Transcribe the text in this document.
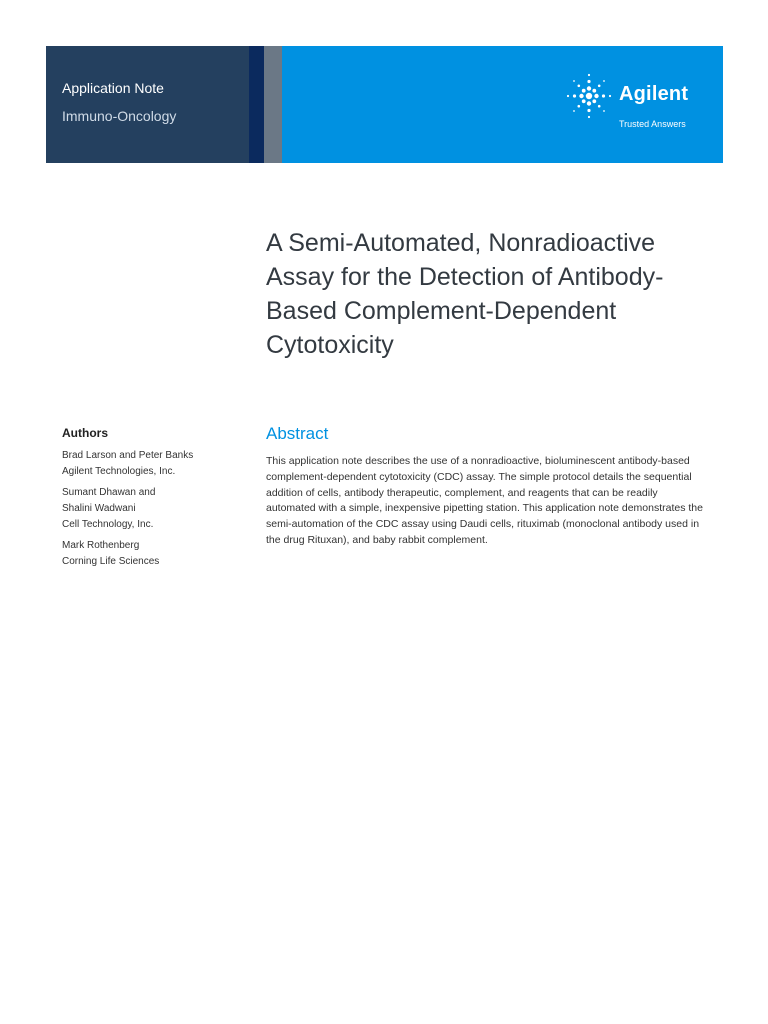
Application Note
Immuno-Oncology
Agilent
Trusted Answers
A Semi-Automated, Nonradioactive Assay for the Detection of Antibody-Based Complement-Dependent Cytotoxicity
Authors
Brad Larson and Peter Banks
Agilent Technologies, Inc.
Sumant Dhawan and
Shalini Wadwani
Cell Technology, Inc.
Mark Rothenberg
Corning Life Sciences
Abstract

This application note describes the use of a nonradioactive, bioluminescent antibody-based complement-dependent cytotoxicity (CDC) assay. The simple protocol details the sequential addition of cells, antibody therapeutic, complement, and reagents that can be readily automated with a simple, inexpensive pipetting station. This application note demonstrates the semi-automation of the CDC assay using Daudi cells, rituximab (monoclonal antibody used in the drug Rituxan), and baby rabbit complement.
